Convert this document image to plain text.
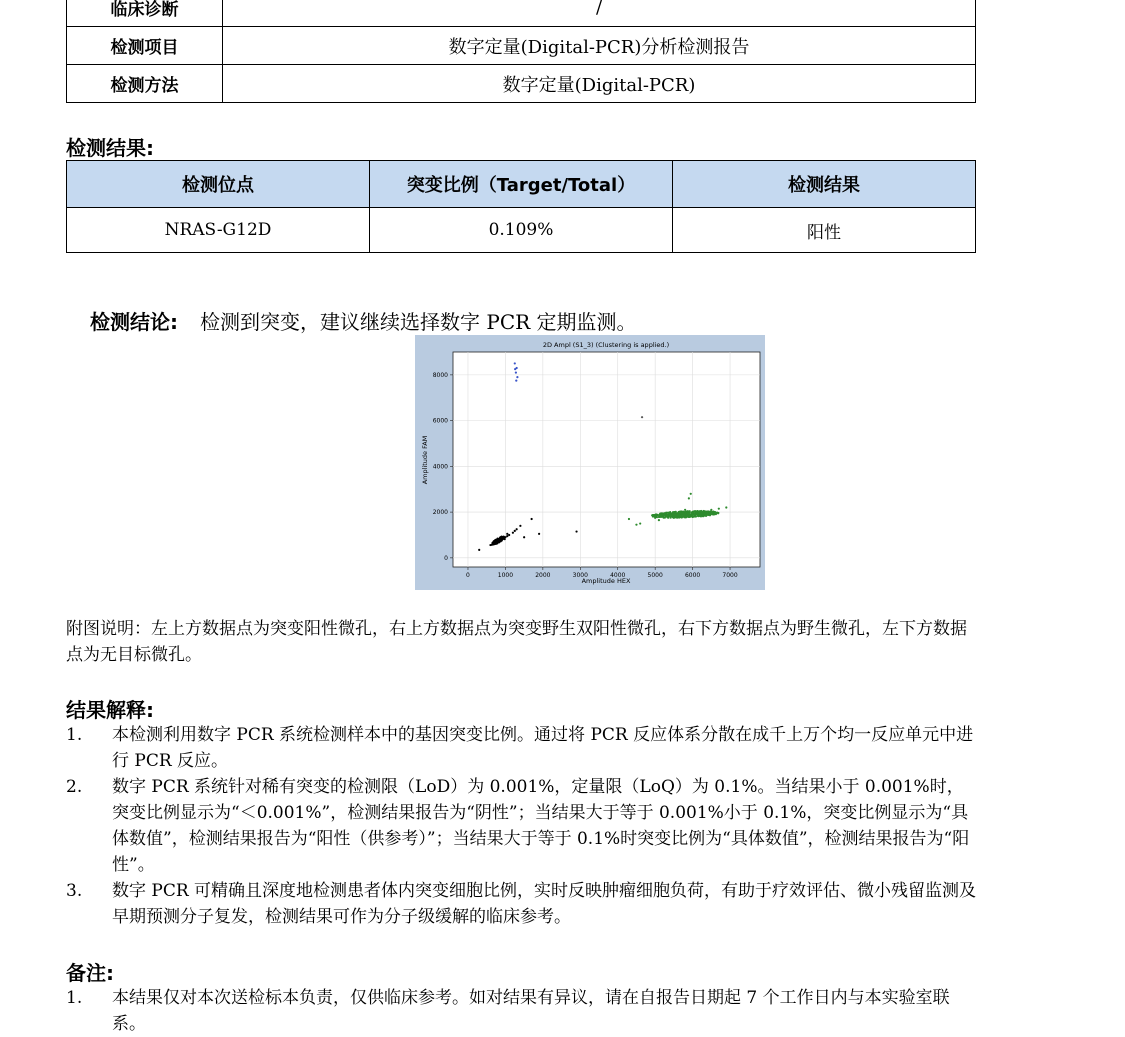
临床诊断	/
检测项目	数字定量(Digital-PCR)分析检测报告
检测方法	数字定量(Digital-PCR)
检测结果:
检测位点	突变比例（Target/Total）	检测结果
NRAS-G12D	0.109%	阳性
检测结论: 检测到突变，建议继续选择数字 PCR 定期监测。
0	1000	2000	3000	4000	5000	6000	7000
0
2000
4000
6000
8000
2D Ampl (S1_3) (Clustering is applied.)
Amplitude HEX
Amplitude FAM
附图说明：左上方数据点为突变阳性微孔，右上方数据点为突变野生双阳性微孔，右下方数据点为野生微孔，左下方数据点为无目标微孔。
结果解释:
1. 本检测利用数字 PCR 系统检测样本中的基因突变比例。通过将 PCR 反应体系分散在成千上万个均一反应单元中进行 PCR 反应。
2. 数字 PCR 系统针对稀有突变的检测限（LoD）为 0.001%，定量限（LoQ）为 0.1%。当结果小于 0.001%时，突变比例显示为“＜0.001%”，检测结果报告为“阴性”；当结果大于等于 0.001%小于 0.1%，突变比例显示为“具体数值”，检测结果报告为“阳性（供参考）”；当结果大于等于 0.1%时突变比例为“具体数值”，检测结果报告为“阳性”。
3. 数字 PCR 可精确且深度地检测患者体内突变细胞比例，实时反映肿瘤细胞负荷，有助于疗效评估、微小残留监测及早期预测分子复发，检测结果可作为分子级缓解的临床参考。
备注:
1. 本结果仅对本次送检标本负责，仅供临床参考。如对结果有异议，请在自报告日期起 7 个工作日内与本实验室联系。
